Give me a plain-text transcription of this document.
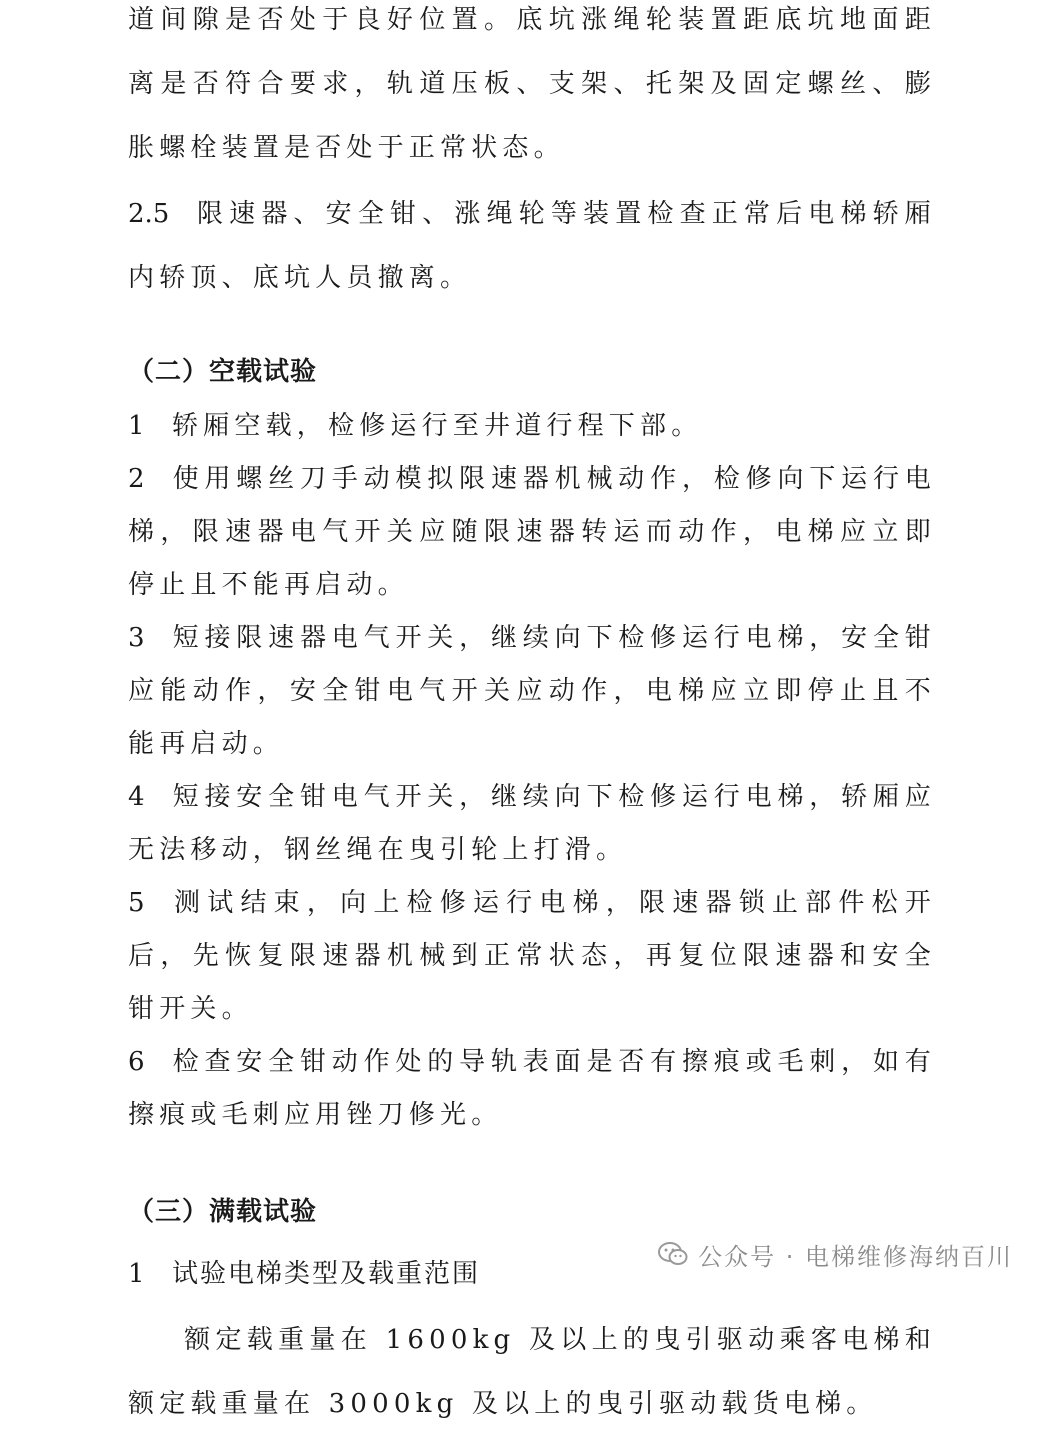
道间隙是否处于良好位置。底坑涨绳轮装置距底坑地面距离是否符合要求，轨道压板、支架、托架及固定螺丝、膨胀螺栓装置是否处于正常状态。

2.5 限速器、安全钳、涨绳轮等装置检查正常后电梯轿厢内轿顶、底坑人员撤离。

（二）空载试验

1 轿厢空载，检修运行至井道行程下部。

2 使用螺丝刀手动模拟限速器机械动作，检修向下运行电梯，限速器电气开关应随限速器转运而动作，电梯应立即停止且不能再启动。

3 短接限速器电气开关，继续向下检修运行电梯，安全钳应能动作，安全钳电气开关应动作，电梯应立即停止且不能再启动。

4 短接安全钳电气开关，继续向下检修运行电梯，轿厢应无法移动，钢丝绳在曳引轮上打滑。

5 测试结束，向上检修运行电梯，限速器锁止部件松开后，先恢复限速器机械到正常状态，再复位限速器和安全钳开关。

6 检查安全钳动作处的导轨表面是否有擦痕或毛刺，如有擦痕或毛刺应用锉刀修光。

（三）满载试验

1 试验电梯类型及载重范围

额定载重量在 1600kg 及以上的曳引驱动乘客电梯和额定载重量在 3000kg 及以上的曳引驱动载货电梯。

公众号 · 电梯维修海纳百川
